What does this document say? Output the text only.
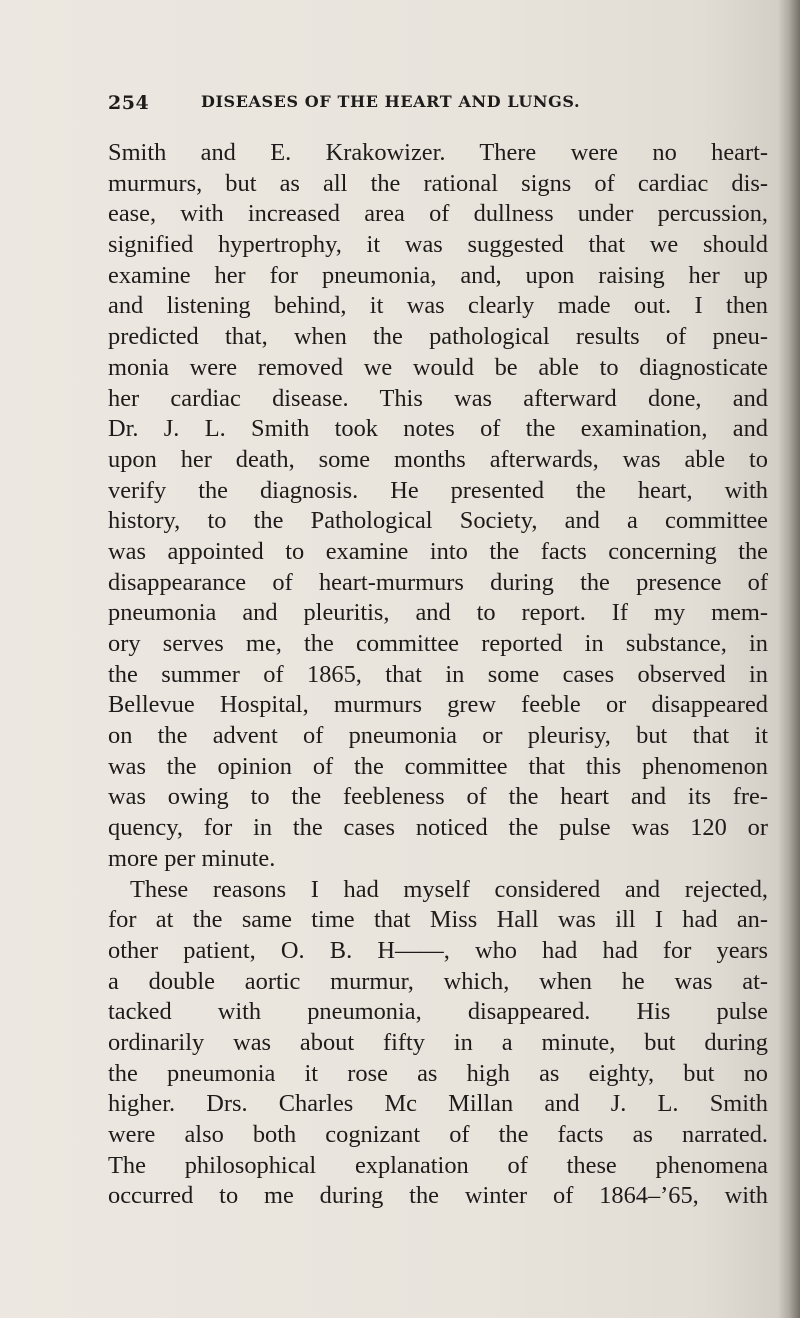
254	DISEASES OF THE HEART AND LUNGS.
Smith and E. Krakowizer. There were no heart-
murmurs, but as all the rational signs of cardiac dis-
ease, with increased area of dullness under percussion,
signified hypertrophy, it was suggested that we should
examine her for pneumonia, and, upon raising her up
and listening behind, it was clearly made out. I then
predicted that, when the pathological results of pneu-
monia were removed we would be able to diagnosticate
her cardiac disease. This was afterward done, and
Dr. J. L. Smith took notes of the examination, and
upon her death, some months afterwards, was able to
verify the diagnosis. He presented the heart, with
history, to the Pathological Society, and a committee
was appointed to examine into the facts concerning the
disappearance of heart-murmurs during the presence of
pneumonia and pleuritis, and to report. If my mem-
ory serves me, the committee reported in substance, in
the summer of 1865, that in some cases observed in
Bellevue Hospital, murmurs grew feeble or disappeared
on the advent of pneumonia or pleurisy, but that it
was the opinion of the committee that this phenomenon
was owing to the feebleness of the heart and its fre-
quency, for in the cases noticed the pulse was 120 or
more per minute.
These reasons I had myself considered and rejected,
for at the same time that Miss Hall was ill I had an-
other patient, O. B. H——, who had had for years
a double aortic murmur, which, when he was at-
tacked with pneumonia, disappeared. His pulse
ordinarily was about fifty in a minute, but during
the pneumonia it rose as high as eighty, but no
higher. Drs. Charles Mc Millan and J. L. Smith
were also both cognizant of the facts as narrated.
The philosophical explanation of these phenomena
occurred to me during the winter of 1864–’65, with
